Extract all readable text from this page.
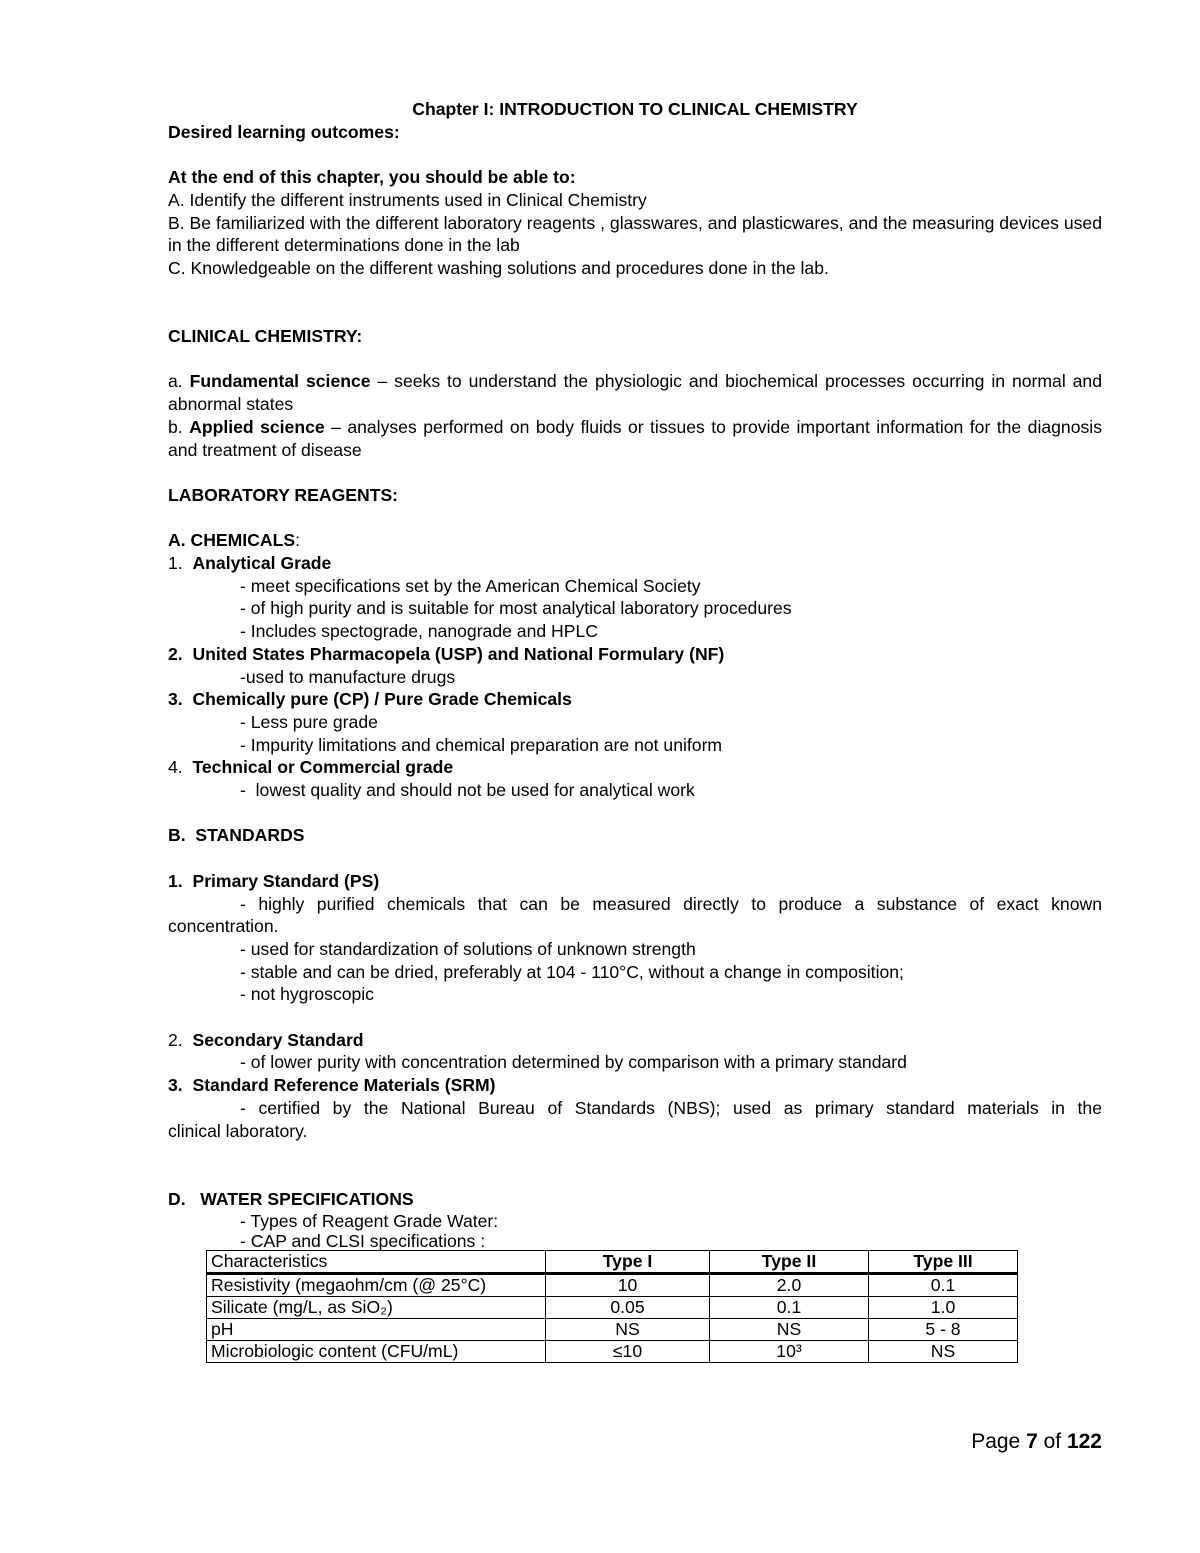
Chapter I: INTRODUCTION TO CLINICAL CHEMISTRY

Desired learning outcomes:

At the end of this chapter, you should be able to:

A. Identify the different instruments used in Clinical Chemistry

B. Be familiarized with the different laboratory reagents , glasswares, and plasticwares, and the measuring devices used in the different determinations done in the lab

C. Knowledgeable on the different washing solutions and procedures done in the lab.

CLINICAL CHEMISTRY:

a. Fundamental science – seeks to understand the physiologic and biochemical processes occurring in normal and abnormal states

b. Applied science – analyses performed on body fluids or tissues to provide important information for the diagnosis and treatment of disease

LABORATORY REAGENTS:

A. CHEMICALS:

1.  Analytical Grade

- meet specifications set by the American Chemical Society

- of high purity and is suitable for most analytical laboratory procedures

- Includes spectograde, nanograde and HPLC

2.  United States Pharmacopela (USP) and National Formulary (NF)

-used to manufacture drugs

3.  Chemically pure (CP) / Pure Grade Chemicals

- Less pure grade

- Impurity limitations and chemical preparation are not uniform

4.  Technical or Commercial grade

-  lowest quality and should not be used for analytical work

B.  STANDARDS

1.  Primary Standard (PS)

- highly purified chemicals that can be measured directly to produce a substance of exact known

concentration.

- used for standardization of solutions of unknown strength

- stable and can be dried, preferably at 104 - 110°C, without a change in composition;

- not hygroscopic

2.  Secondary Standard

- of lower purity with concentration determined by comparison with a primary standard

3.  Standard Reference Materials (SRM)

- certified by the National Bureau of Standards (NBS); used as primary standard materials in the

clinical laboratory.

D.   WATER SPECIFICATIONS

- Types of Reagent Grade Water:

- CAP and CLSI specifications :

Characteristics	Type I	Type II	Type III
Resistivity (megaohm/cm (@ 25°C)	10	2.0	0.1
Silicate (mg/L, as SiO₂)	0.05	0.1	1.0
pH	NS	NS	5 - 8
Microbiologic content (CFU/mL)	≤10	10³	NS
Page 7 of 122
